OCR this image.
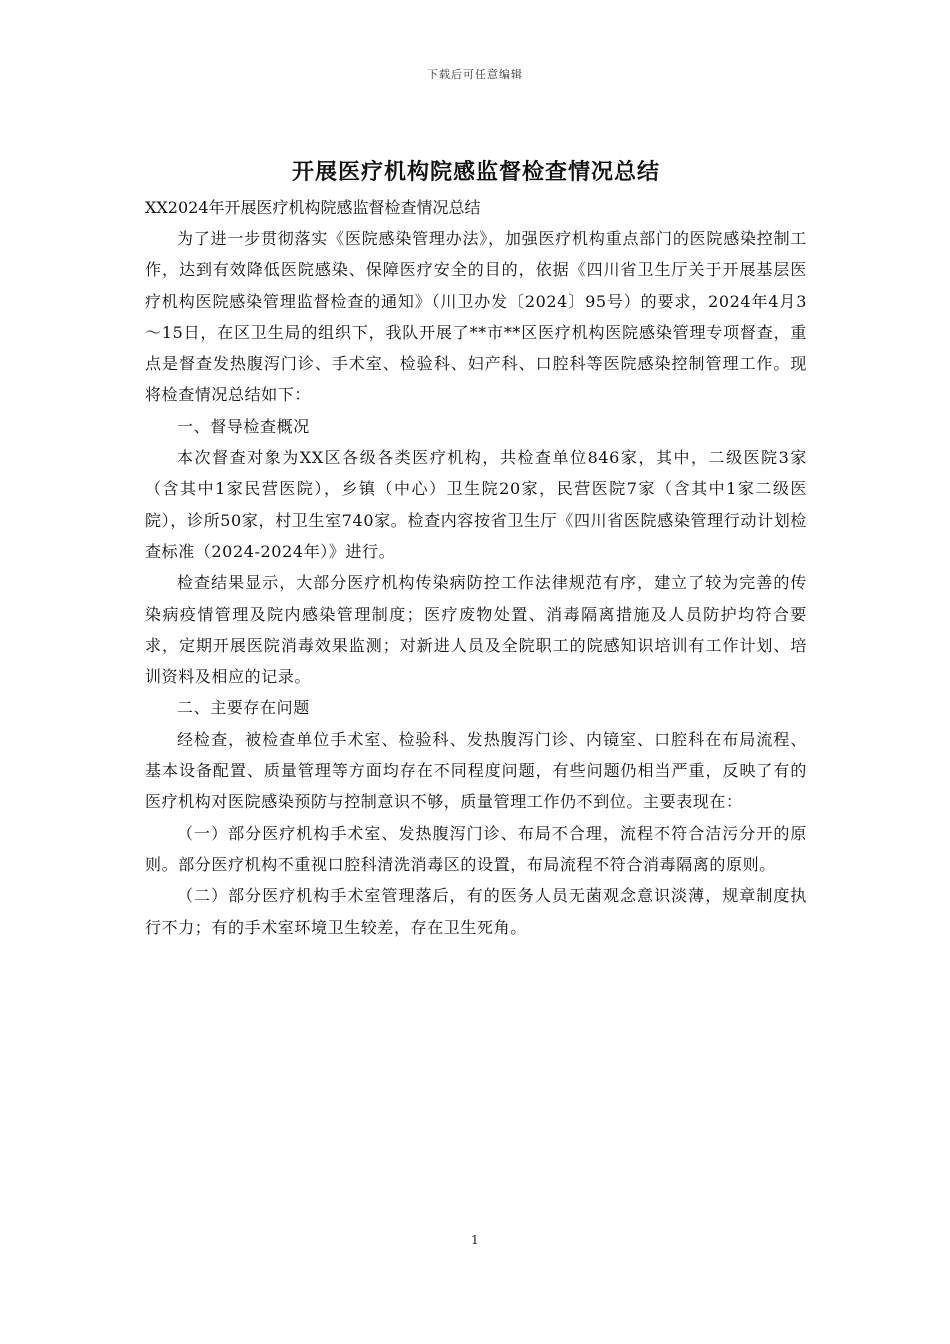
下载后可任意编辑
开展医疗机构院感监督检查情况总结

XX2024年开展医疗机构院感监督检查情况总结

为了进一步贯彻落实《医院感染管理办法》，加强医疗机构重点部门的医院感染控制工作，达到有效降低医院感染、保障医疗安全的目的，依据《四川省卫生厅关于开展基层医疗机构医院感染管理监督检查的通知》（川卫办发〔2024〕95号）的要求，2024年4月3～15日，在区卫生局的组织下，我队开展了**市**区医疗机构医院感染管理专项督查，重点是督查发热腹泻门诊、手术室、检验科、妇产科、口腔科等医院感染控制管理工作。现将检查情况总结如下：

一、督导检查概况

本次督查对象为XX区各级各类医疗机构，共检查单位846家，其中，二级医院3家（含其中1家民营医院），乡镇（中心）卫生院20家，民营医院7家（含其中1家二级医院），诊所50家，村卫生室740家。检查内容按省卫生厅《四川省医院感染管理行动计划检查标准（2024-2024年）》进行。

检查结果显示，大部分医疗机构传染病防控工作法律规范有序，建立了较为完善的传染病疫情管理及院内感染管理制度；医疗废物处置、消毒隔离措施及人员防护均符合要求，定期开展医院消毒效果监测；对新进人员及全院职工的院感知识培训有工作计划、培训资料及相应的记录。

二、主要存在问题

经检查，被检查单位手术室、检验科、发热腹泻门诊、内镜室、口腔科在布局流程、基本设备配置、质量管理等方面均存在不同程度问题，有些问题仍相当严重，反映了有的医疗机构对医院感染预防与控制意识不够，质量管理工作仍不到位。主要表现在：

（一）部分医疗机构手术室、发热腹泻门诊、布局不合理，流程不符合洁污分开的原则。部分医疗机构不重视口腔科清洗消毒区的设置，布局流程不符合消毒隔离的原则。

（二）部分医疗机构手术室管理落后，有的医务人员无菌观念意识淡薄，规章制度执行不力；有的手术室环境卫生较差，存在卫生死角。

1
